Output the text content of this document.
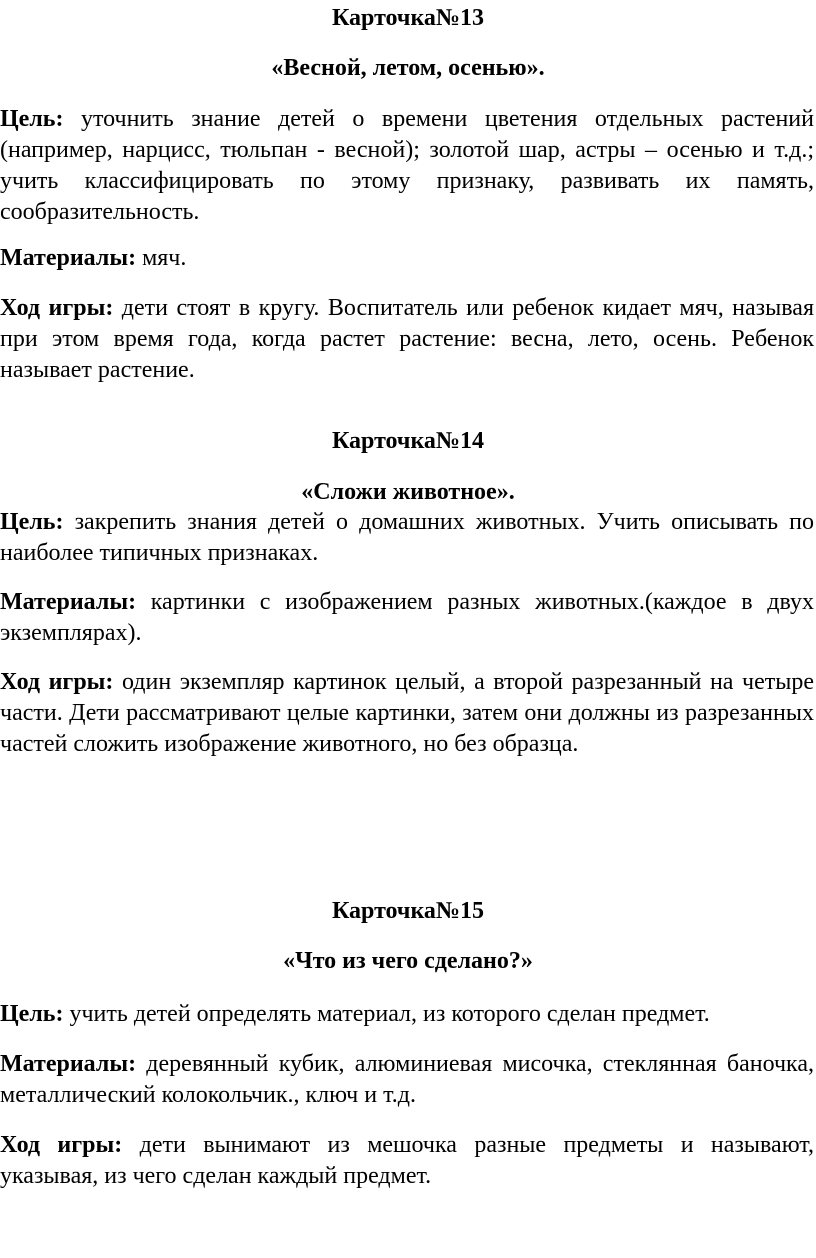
Карточка№13

«Весной, летом, осенью».

Цель: уточнить знание детей о времени цветения отдельных растений (например, нарцисс, тюльпан - весной); золотой шар, астры – осенью и т.д.; учить классифицировать по этому признаку, развивать их память, сообразительность.

Материалы: мяч.

Ход игры: дети стоят в кругу. Воспитатель или ребенок кидает мяч, называя при этом время года, когда растет растение: весна, лето, осень. Ребенок называет растение.

Карточка№14

«Сложи животное».

Цель: закрепить знания детей о домашних животных. Учить описывать по наиболее типичных признаках.

Материалы: картинки с изображением разных животных.(каждое в двух экземплярах).

Ход игры: один экземпляр картинок целый, а второй разрезанный на четыре части. Дети рассматривают целые картинки, затем они должны из разрезанных частей сложить изображение животного, но без образца.

Карточка№15

«Что из чего сделано?»

Цель: учить детей определять материал, из которого сделан предмет.

Материалы: деревянный кубик, алюминиевая мисочка, стеклянная баночка, металлический колокольчик., ключ и т.д.

Ход игры: дети вынимают из мешочка разные предметы и называют, указывая, из чего сделан каждый предмет.
